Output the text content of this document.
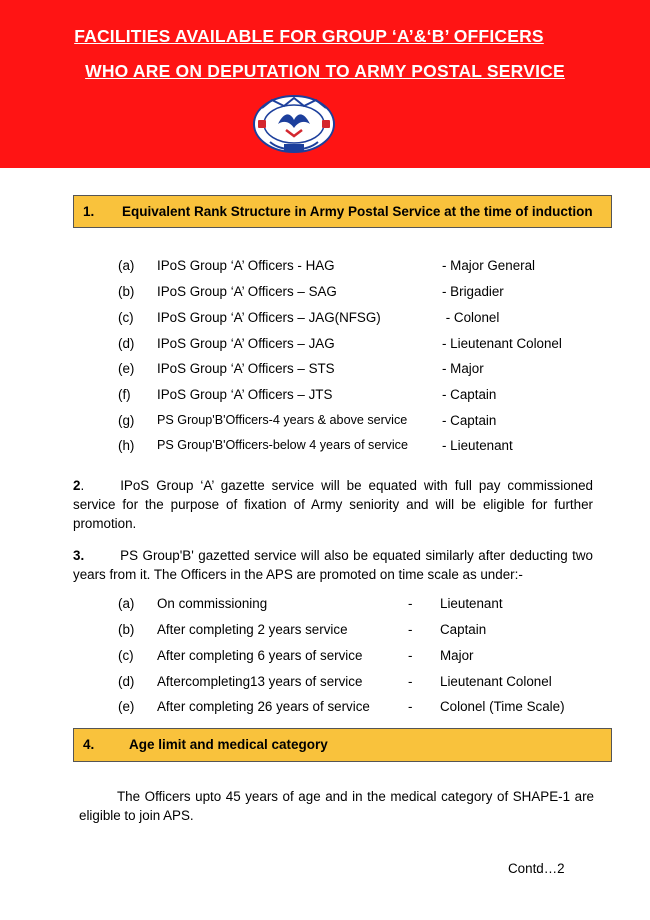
FACILITIES AVAILABLE FOR GROUP ‘A’&‘B’ OFFICERS
WHO ARE ON DEPUTATION TO ARMY POSTAL SERVICE
1. Equivalent Rank Structure in Army Postal Service at the time of induction
(a) IPoS Group ‘A’ Officers - HAG	- Major General
(b) IPoS Group ‘A’ Officers – SAG	- Brigadier
(c) IPoS Group ‘A’ Officers – JAG(NFSG)	- Colonel
(d) IPoS Group ‘A’ Officers – JAG	- Lieutenant Colonel
(e) IPoS Group ‘A’ Officers – STS	- Major
(f) IPoS Group ‘A’ Officers – JTS	- Captain
(g) PS Group'B'Officers-4 years & above service	- Captain
(h) PS Group'B'Officers-below 4 years of service	- Lieutenant
2.	IPoS Group ‘A’ gazette service will be equated with full pay commissioned service for the purpose of fixation of Army seniority and will be eligible for further promotion.
3.	PS Group'B' gazetted service will also be equated similarly after deducting two years from it. The Officers in the APS are promoted on time scale as under:-
(a) On commissioning	- Lieutenant
(b) After completing 2 years service	- Captain
(c) After completing 6 years of service	- Major
(d) Aftercompleting13 years of service	- Lieutenant Colonel
(e) After completing 26 years of service	- Colonel (Time Scale)
4.	Age limit and medical category
The Officers upto 45 years of age and in the medical category of SHAPE-1 are eligible to join APS.
Contd…2
